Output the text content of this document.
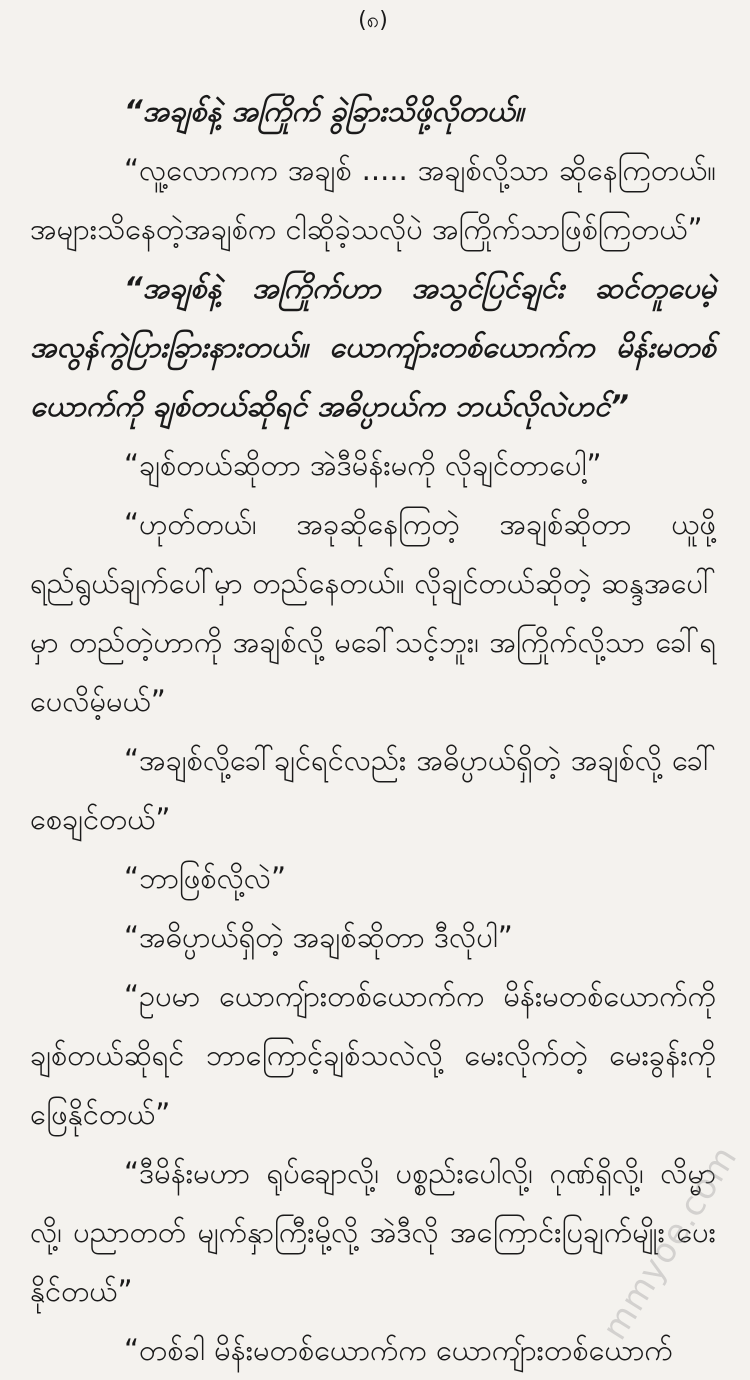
(၈)

“အချစ်နဲ့ အကြိုက် ခွဲခြားသိဖို့လိုတယ်။

“လူ့လောကက အချစ် ..... အချစ်လို့သာ ဆိုနေကြတယ်။ အများသိနေတဲ့အချစ်က ငါဆိုခဲ့သလိုပဲ အကြိုက်သာဖြစ်ကြတယ်”

“အချစ်နဲ့ အကြိုက်ဟာ အသွင်ပြင်ချင်း ဆင်တူပေမဲ့ အလွန်ကွဲပြားခြားနားတယ်။ ယောကျ်ားတစ်ယောက်က မိန်းမတစ်ယောက်ကို ချစ်တယ်ဆိုရင် အဓိပ္ပာယ်က ဘယ်လိုလဲဟင်”

“ချစ်တယ်ဆိုတာ အဲဒီမိန်းမကို လိုချင်တာပေါ့”

“ဟုတ်တယ်၊ အခုဆိုနေကြတဲ့ အချစ်ဆိုတာ ယူဖို့ ရည်ရွယ်ချက်ပေါ်မှာ တည်နေတယ်။ လိုချင်တယ်ဆိုတဲ့ ဆန္ဒအပေါ်မှာ တည်တဲ့ဟာကို အချစ်လို့ မခေါ်သင့်ဘူး၊ အကြိုက်လို့သာ ခေါ်ရပေလိမ့်မယ်”

“အချစ်လို့ခေါ်ချင်ရင်လည်း အဓိပ္ပာယ်ရှိတဲ့ အချစ်လို့ ခေါ်စေချင်တယ်”

“ဘာဖြစ်လို့လဲ”

“အဓိပ္ပာယ်ရှိတဲ့ အချစ်ဆိုတာ ဒီလိုပါ”

“ဥပမာ ယောကျ်ားတစ်ယောက်က မိန်းမတစ်ယောက်ကို ချစ်တယ်ဆိုရင် ဘာကြောင့်ချစ်သလဲလို့ မေးလိုက်တဲ့ မေးခွန်းကို ဖြေနိုင်တယ်”

“ဒီမိန်းမဟာ ရုပ်ချောလို့၊ ပစ္စည်းပေါလို့၊ ဂုဏ်ရှိလို့၊ လိမ္မာလို့၊ ပညာတတ် မျက်နှာကြီးမို့လို့ အဲဒီလို အကြောင်းပြချက်မျိုး ပေးနိုင်တယ်”

“တစ်ခါ မိန်းမတစ်ယောက်က ယောကျ်ားတစ်ယောက်

mmyoe.com
